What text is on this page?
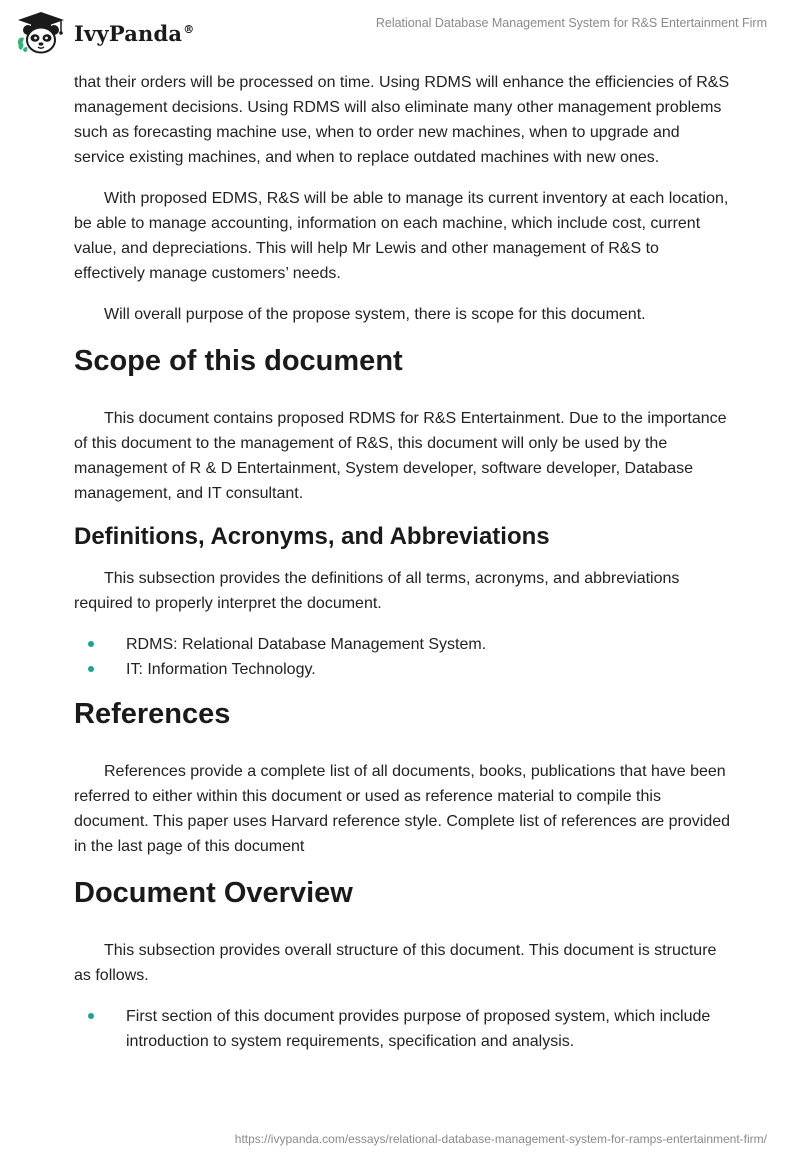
IvyPanda®	Relational Database Management System for R&S Entertainment Firm

that their orders will be processed on time. Using RDMS will enhance the efficiencies of R&S management decisions. Using RDMS will also eliminate many other management problems such as forecasting machine use, when to order new machines, when to upgrade and service existing machines, and when to replace outdated machines with new ones.

With proposed EDMS, R&S will be able to manage its current inventory at each location, be able to manage accounting, information on each machine, which include cost, current value, and depreciations. This will help Mr Lewis and other management of R&S to effectively manage customers’ needs.

Will overall purpose of the propose system, there is scope for this document.

Scope of this document

This document contains proposed RDMS for R&S Entertainment. Due to the importance of this document to the management of R&S, this document will only be used by the management of R & D Entertainment, System developer, software developer, Database management, and IT consultant.

Definitions, Acronyms, and Abbreviations

This subsection provides the definitions of all terms, acronyms, and abbreviations required to properly interpret the document.

RDMS: Relational Database Management System.
IT: Information Technology.
References

References provide a complete list of all documents, books, publications that have been referred to either within this document or used as reference material to compile this document. This paper uses Harvard reference style. Complete list of references are provided in the last page of this document

Document Overview

This subsection provides overall structure of this document. This document is structure as follows.

First section of this document provides purpose of proposed system, which include introduction to system requirements, specification and analysis.
https://ivypanda.com/essays/relational-database-management-system-for-ramps-entertainment-firm/
